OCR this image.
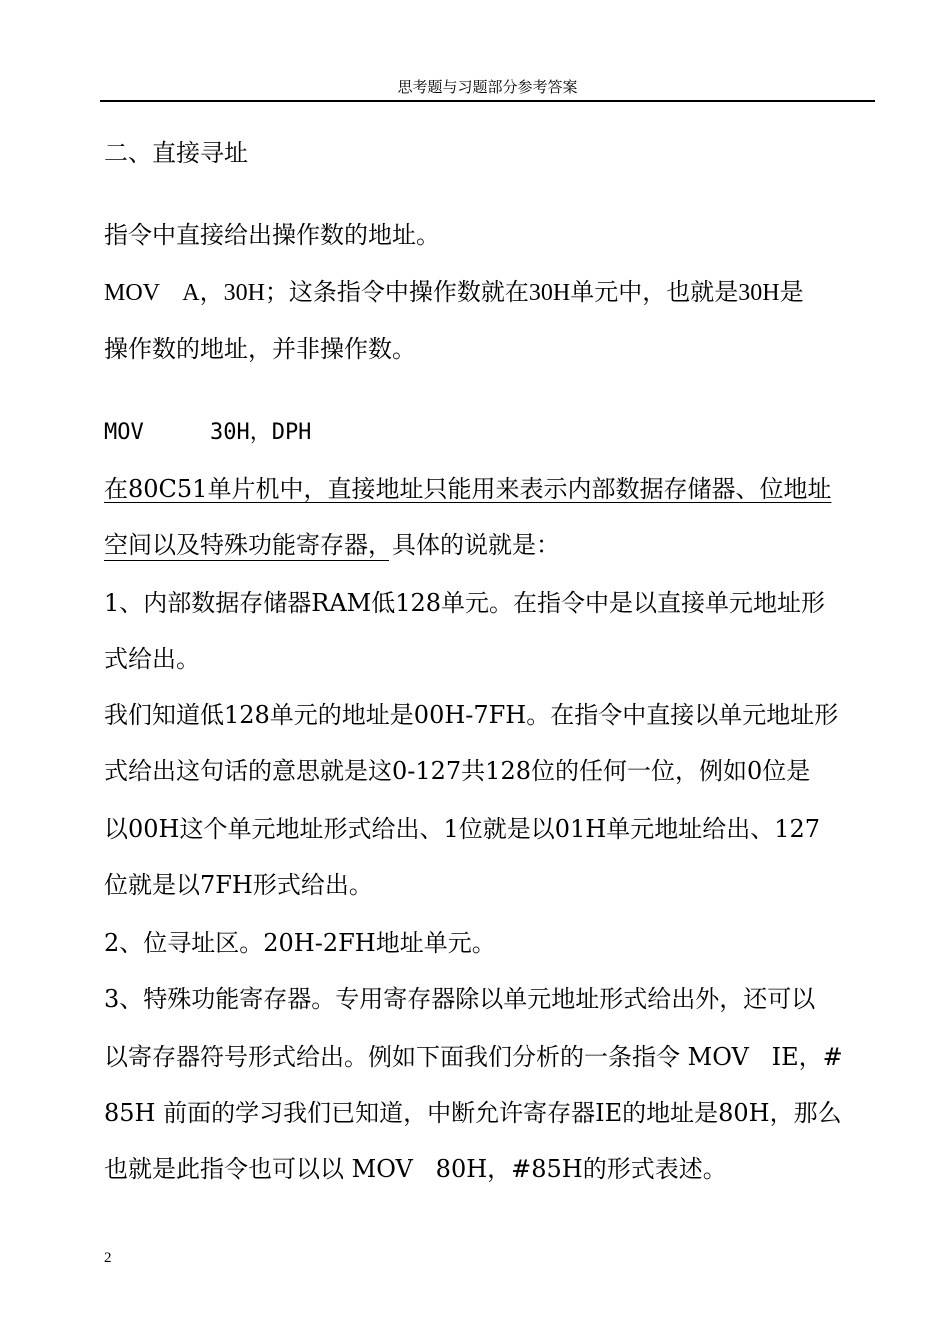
思考题与习题部分参考答案
二、直接寻址
指令中直接给出操作数的地址。
MOV    A，30H；这条指令中操作数就在30H单元中，也就是30H是
操作数的地址，并非操作数。
MOV     30H，DPH
在80C51单片机中，直接地址只能用来表示内部数据存储器、位地址
空间以及特殊功能寄存器，具体的说就是：
1、内部数据存储器RAM低128单元。在指令中是以直接单元地址形
式给出。
我们知道低128单元的地址是00H-7FH。在指令中直接以单元地址形
式给出这句话的意思就是这0-127共128位的任何一位，例如0位是
以00H这个单元地址形式给出、1位就是以01H单元地址给出、127
位就是以7FH形式给出。
2、位寻址区。20H-2FH地址单元。
3、特殊功能寄存器。专用寄存器除以单元地址形式给出外，还可以
以寄存器符号形式给出。例如下面我们分析的一条指令 MOV   IE，#
85H 前面的学习我们已知道，中断允许寄存器IE的地址是80H，那么
也就是此指令也可以以 MOV   80H，#85H的形式表述。
2
